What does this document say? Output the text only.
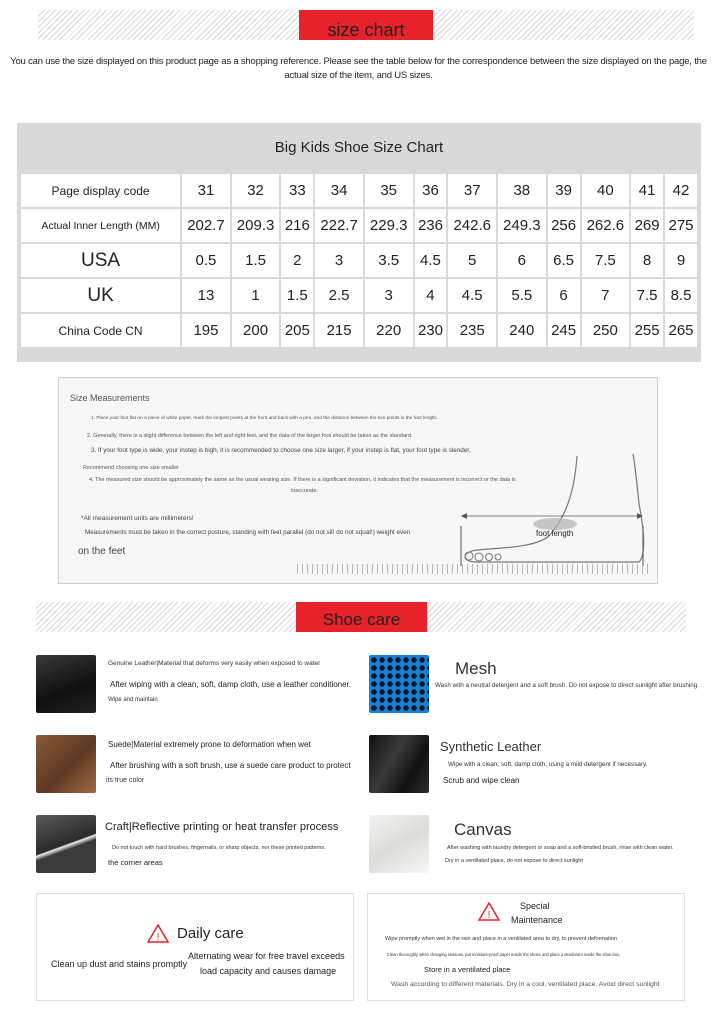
size chart
You can use the size displayed on this product page as a shopping reference. Please see the table below for the correspondence between the size displayed on the page, the actual size of the item, and US sizes.
Big Kids Shoe Size Chart
Page display code	31	32	33	34	35	36	37	38	39	40	41	42
Actual Inner Length (MM)	202.7	209.3	216	222.7	229.3	236	242.6	249.3	256	262.6	269	275
USA	0.5	1.5	2	3	3.5	4.5	5	6	6.5	7.5	8	9
UK	13	1	1.5	2.5	3	4	4.5	5.5	6	7	7.5	8.5
China Code CN	195	200	205	215	220	230	235	240	245	250	255	265
Size Measurements
1. Place your foot flat on a piece of white paper, mark the longest points at the front and back with a pen, and the distance between the two points is the foot length.
2. Generally, there is a slight difference between the left and right feet, and the data of the larger foot should be taken as the standard.
3. If your foot type is wide, your instep is high, it is recommended to choose one size larger, if your instep is flat, your foot type is slender,
Recommend choosing one size smaller
4. The measured size should be approximately the same as the usual wearing size. If there is a significant deviation, it indicates that the measurement is incorrect or the data is
inaccurate.
*All measurement units are millimeters!
Measurements must be taken in the correct posture, standing with feet parallel (do not sit! do not squat!) weight even
on the feet
foot length
Shoe care
Genuine Leather|Material that deforms very easily when exposed to water
After wiping with a clean, soft, damp cloth, use a leather conditioner.
Wipe and maintain
Mesh
Wash with a neutral detergent and a soft brush. Do not expose to direct sunlight after brushing.
Suede|Material extremely prone to deformation when wet
After brushing with a soft brush, use a suede care product to protect
its true color
Synthetic Leather
Wipe with a clean, soft, damp cloth, using a mild detergent if necessary.
Scrub and wipe clean
Craft|Reflective printing or heat transfer process
Do not touch with hard brushes, fingernails, or sharp objects, nor these printed patterns.
the corner areas
Canvas
After washing with laundry detergent or soap and a soft-bristled brush, rinse with clean water.
Dry in a ventilated place, do not expose to direct sunlight
! Daily care
Clean up dust and stains promptly
Alternating wear for free travel exceeds
load capacity and causes damage
!
Special
Maintenance
Wipe promptly when wet in the rain and place in a ventilated area to dry, to prevent deformation
Clean thoroughly when changing seasons, put moisture-proof paper inside the shoes and place a deodorant inside the shoe box,
Store in a ventilated place
Wash according to different materials. Dry in a cool, ventilated place. Avoid direct sunlight
